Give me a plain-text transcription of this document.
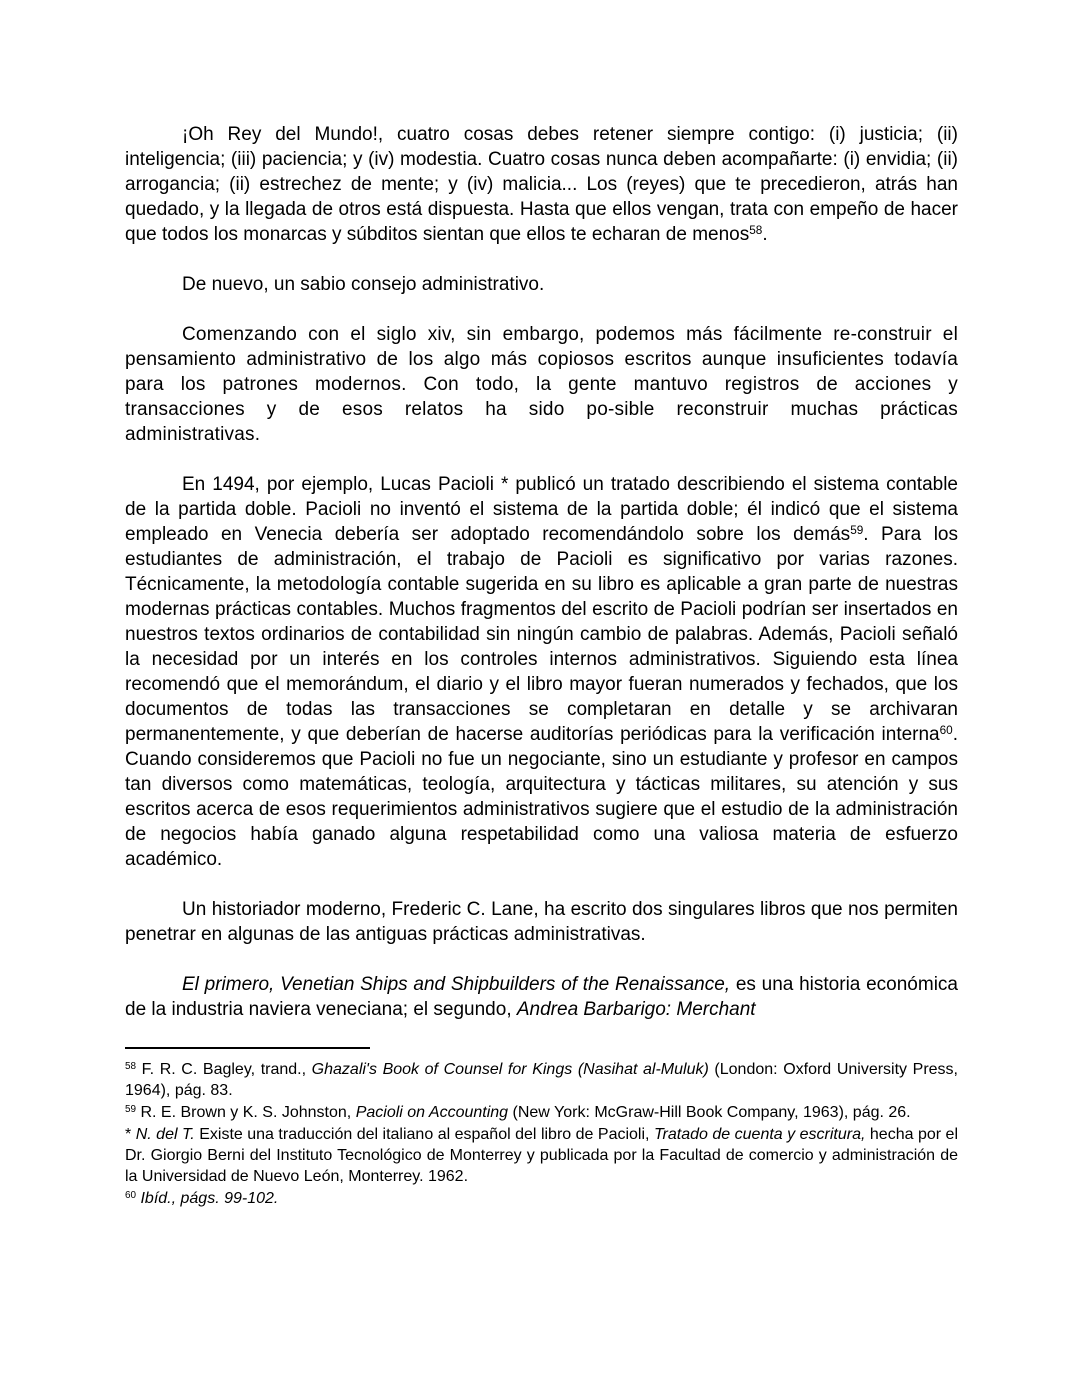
¡Oh Rey del Mundo!, cuatro cosas debes retener siempre contigo: (i) justicia; (ii) inteligencia; (iii) paciencia; y (iv) modestia. Cuatro cosas nunca deben acompañarte: (i) envidia; (ii) arrogancia; (ii) estrechez de mente; y (iv) malicia... Los (reyes) que te precedieron, atrás han quedado, y la llegada de otros está dispuesta. Hasta que ellos vengan, trata con empeño de hacer que todos los monarcas y súbditos sientan que ellos te echaran de menos$^{58}$.

De nuevo, un sabio consejo administrativo.

Comenzando con el siglo xiv, sin embargo, podemos más fácilmente re-construir el pensamiento administrativo de los algo más copiosos escritos aunque insuficientes todavía para los patrones modernos. Con todo, la gente mantuvo registros de acciones y transacciones y de esos relatos ha sido po-sible reconstruir muchas prácticas administrativas.

En 1494, por ejemplo, Lucas Pacioli * publicó un tratado describiendo el sistema contable de la partida doble. Pacioli no inventó el sistema de la partida doble; él indicó que el sistema empleado en Venecia debería ser adoptado recomendándolo sobre los demás$^{59}$. Para los estudiantes de administración, el trabajo de Pacioli es significativo por varias razones. Técnicamente, la metodología contable sugerida en su libro es aplicable a gran parte de nuestras modernas prácticas contables. Muchos fragmentos del escrito de Pacioli podrían ser insertados en nuestros textos ordinarios de contabilidad sin ningún cambio de palabras. Además, Pacioli señaló la necesidad por un interés en los controles internos administrativos. Siguiendo esta línea recomendó que el memorándum, el diario y el libro mayor fueran numerados y fechados, que los documentos de todas las transacciones se completaran en detalle y se archivaran permanentemente, y que deberían de hacerse auditorías periódicas para la verificación interna$^{60}$. Cuando consideremos que Pacioli no fue un negociante, sino un estudiante y profesor en campos tan diversos como matemáticas, teología, arquitectura y tácticas militares, su atención y sus escritos acerca de esos requerimientos administrativos sugiere que el estudio de la administración de negocios había ganado alguna respetabilidad como una valiosa materia de esfuerzo académico.

Un historiador moderno, Frederic C. Lane, ha escrito dos singulares libros que nos permiten penetrar en algunas de las antiguas prácticas administrativas.

El primero, Venetian Ships and Shipbuilders of the Renaissance, es una historia económica de la industria naviera veneciana; el segundo, Andrea Barbarigo: Merchant

$^{58}$ F. R. C. Bagley, trand., Ghazali's Book of Counsel for Kings (Nasihat al-Muluk) (London: Oxford University Press, 1964), pág. 83.

$^{59}$ R. E. Brown y K. S. Johnston, Pacioli on Accounting (New York: McGraw-Hill Book Company, 1963), pág. 26.

* N. del T. Existe una traducción del italiano al español del libro de Pacioli, Tratado de cuenta y escritura, hecha por el Dr. Giorgio Berni del Instituto Tecnológico de Monterrey y publicada por la Facultad de comercio y administración de la Universidad de Nuevo León, Monterrey. 1962.

$^{60}$ Ibíd., págs. 99-102.
